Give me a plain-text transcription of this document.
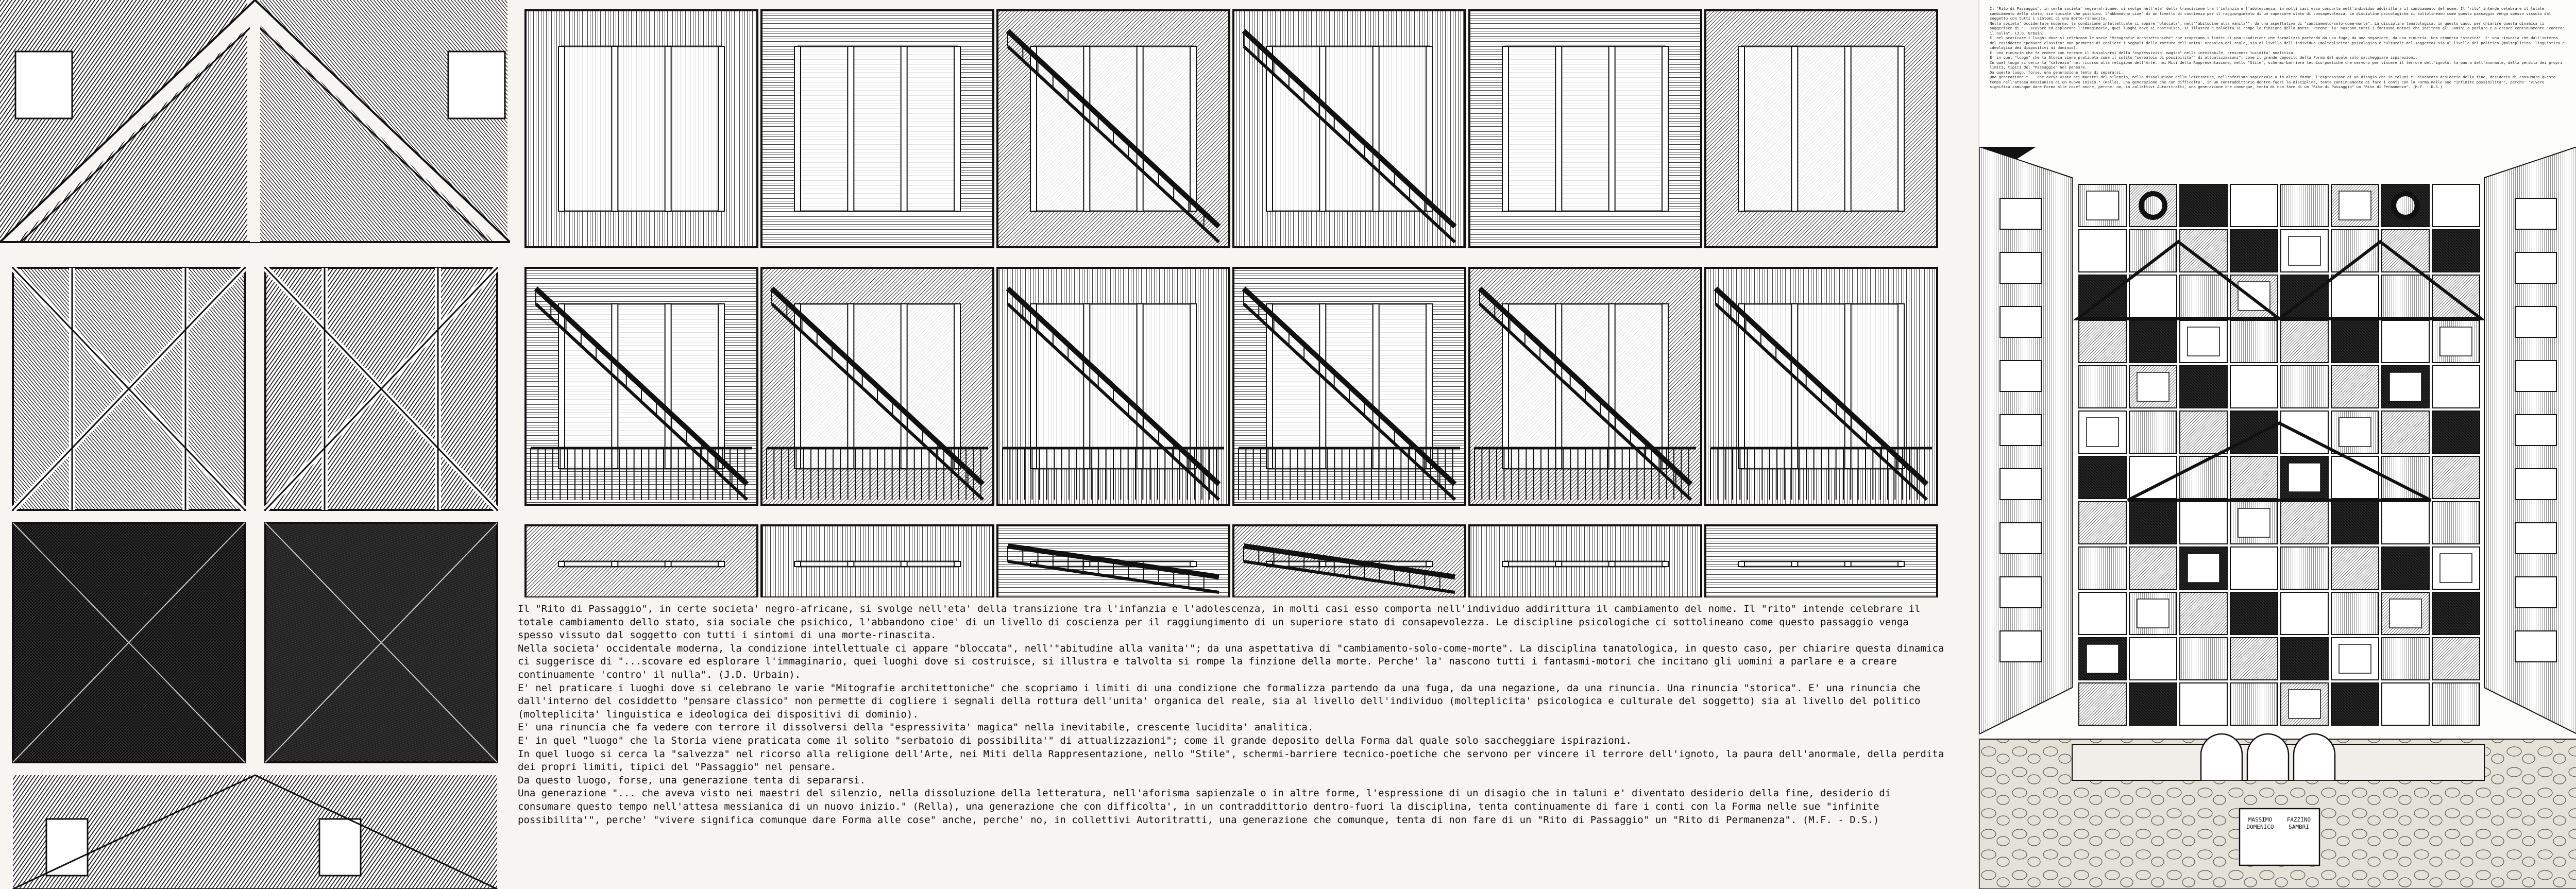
Il "Rito di Passaggio", in certe societa' negro-africane, si svolge nell'eta' della transizione tra l'infanzia e l'adolescenza, in molti casi esso comporta nell'individuo addirittura il cambiamento del nome. Il "rito" intende celebrare il totale cambiamento dello stato, sia sociale che psichico, l'abbandono cioe' di un livello di coscienza per il raggiungimento di un superiore stato di consapevolezza. Le discipline psicologiche ci sottolineano come questo passaggio venga spesso vissuto dal soggetto con tutti i sintomi di una morte-rinascita.

Nella societa' occidentale moderna, la condizione intellettuale ci appare "bloccata", nell'"abitudine alla vanita'"; da una aspettativa di "cambiamento-solo-come-morte". La disciplina tanatologica, in questo caso, per chiarire questa dinamica ci suggerisce di "...scovare ed esplorare l'immaginario, quei luoghi dove si costruisce, si illustra e talvolta si rompe la finzione della morte. Perche' la' nascono tutti i fantasmi-motori che incitano gli uomini a parlare e a creare continuamente 'contro' il nulla". (J.D. Urbain).

E' nel praticare i luoghi dove si celebrano le varie "Mitografie architettoniche" che scopriamo i limiti di una condizione che formalizza partendo da una fuga, da una negazione, da una rinuncia. Una rinuncia "storica". E' una rinuncia che dall'interno del cosiddetto "pensare classico" non permette di cogliere i segnali della rottura dell'unita' organica del reale, sia al livello dell'individuo (molteplicita' psicologica e culturale del soggetto) sia al livello del politico (molteplicita' linguistica e ideologica dei dispositivi di dominio).

E' una rinuncia che fa vedere con terrore il dissolversi della "espressivita' magica" nella inevitabile, crescente lucidita' analitica.

E' in quel "luogo" che la Storia viene praticata come il solito "serbatoio di possibilita'" di attualizzazioni"; come il grande deposito della Forma dal quale solo saccheggiare ispirazioni.

In quel luogo si cerca la "salvezza" nel ricorso alla religione dell'Arte, nei Miti della Rappresentazione, nello "Stile", schermi-barriere tecnico-poetiche che servono per vincere il terrore dell'ignoto, la paura dell'anormale, della perdita dei propri limiti, tipici del "Passaggio" nel pensare.

Da questo luogo, forse, una generazione tenta di separarsi.

Una generazione "... che aveva visto nei maestri del silenzio, nella dissoluzione della letteratura, nell'aforisma sapienzale o in altre forme, l'espressione di un disagio che in taluni e' diventato desiderio della fine, desiderio di consumare questo tempo nell'attesa messianica di un nuovo inizio." (Rella), una generazione che con difficolta', in un contraddittorio dentro-fuori la disciplina, tenta continuamente di fare i conti con la Forma nelle sue "infinite possibilita'", perche' "vivere significa comunque dare Forma alle cose" anche, perche' no, in collettivi Autoritratti, una generazione che comunque, tenta di non fare di un "Rito di Passaggio" un "Rito di Permanenza". (M.F. - D.S.)

Il "Rito di Passaggio", in certe societa' negro-africane, si svolge nell'eta' della transizione tra l'infanzia e l'adolescenza, in molti casi esso comporta nell'individuo addirittura il cambiamento del nome. Il "rito" intende celebrare il totale cambiamento dello stato, sia sociale che psichico, l'abbandono cioe' di un livello di coscienza per il raggiungimento di un superiore stato di consapevolezza. Le discipline psicologiche ci sottolineano come questo passaggio venga spesso vissuto dal soggetto con tutti i sintomi di una morte-rinascita.

Nella societa' occidentale moderna, la condizione intellettuale ci appare "bloccata", nell'"abitudine alla vanita'"; da una aspettativa di "cambiamento-solo-come-morte". La disciplina tanatologica, in questo caso, per chiarire questa dinamica ci suggerisce di "...scovare ed esplorare l'immaginario, quei luoghi dove si costruisce, si illustra e talvolta si rompe la finzione della morte. Perche' la' nascono tutti i fantasmi-motori che incitano gli uomini a parlare e a creare continuamente 'contro' il nulla". (J.D. Urbain).

E' nel praticare i luoghi dove si celebrano le varie "Mitografie architettoniche" che scopriamo i limiti di una condizione che formalizza partendo da una fuga, da una negazione, da una rinuncia. Una rinuncia "storica". E' una rinuncia che dall'interno del cosiddetto "pensare classico" non permette di cogliere i segnali della rottura dell'unita' organica del reale, sia al livello dell'individuo (molteplicita' psicologica e culturale del soggetto) sia al livello del politico (molteplicita' linguistica e ideologica dei dispositivi di dominio).

E' una rinuncia che fa vedere con terrore il dissolversi della "espressivita' magica" nella inevitabile, crescente lucidita' analitica.

E' in quel "luogo" che la Storia viene praticata come il solito "serbatoio di possibilita'" di attualizzazioni"; come il grande deposito della Forma dal quale solo saccheggiare ispirazioni.

In quel luogo si cerca la "salvezza" nel ricorso alla religione dell'Arte, nei Miti della Rappresentazione, nello "Stile", schermi-barriere tecnico-poetiche che servono per vincere il terrore dell'ignoto, la paura dell'anormale, della perdita dei propri limiti, tipici del "Passaggio" nel pensare.

Da questo luogo, forse, una generazione tenta di separarsi.

Una generazione "... che aveva visto nei maestri del silenzio, nella dissoluzione della letteratura, nell'aforisma sapienzale o in altre forme, l'espressione di un disagio che in taluni e' diventato desiderio della fine, desiderio di consumare questo tempo nell'attesa messianica di un nuovo inizio." (Rella), una generazione che con difficolta', in un contraddittorio dentro-fuori la disciplina, tenta continuamente di fare i conti con la Forma nelle sue "infinite possibilita'", perche' "vivere significa comunque dare Forma alle cose" anche, perche' no, in collettivi Autoritratti, una generazione che comunque, tenta di non fare di un "Rito di Passaggio" un "Rito di Permanenza". (M.F. - D.S.)

MASSIMO
DOMENICO
FAZZINO
SAMBRI
